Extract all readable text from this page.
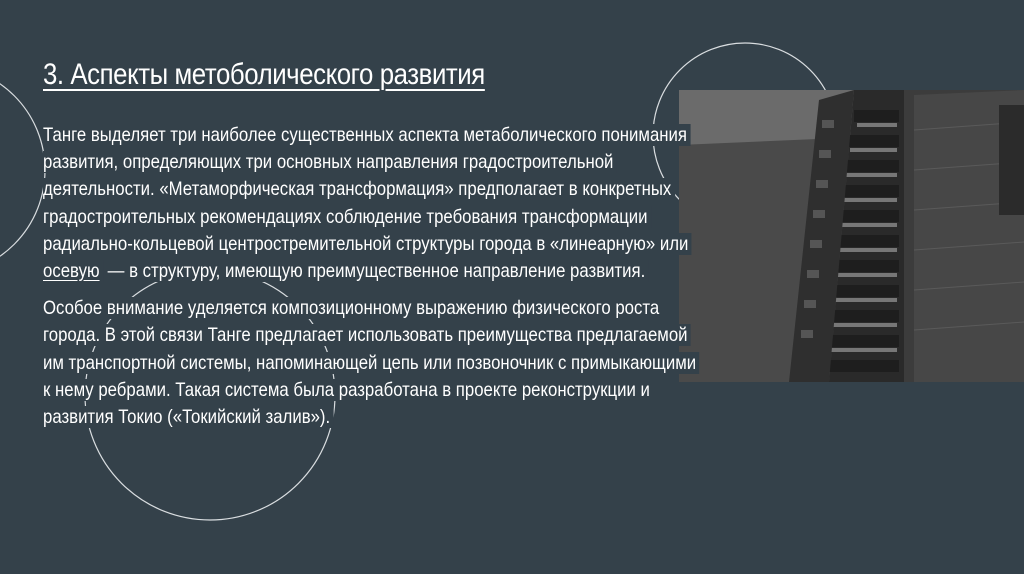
3. Аспекты метоболического развития

Танге выделяет три наиболее существенных аспекта метаболического понимания
развития, определяющих три основных направления градостроительной
деятельности. «Метаморфическая трансформация» предполагает в конкретных
градостроительных рекомендациях соблюдение требования трансформации
радиально-кольцевой центростремительной структуры города в «линеарную» или
осевую — в структуру, имеющую преимущественное направление развития.

Особое внимание уделяется композиционному выражению физического роста
города. В этой связи Танге предлагает использовать преимущества предлагаемой
им транспортной системы, напоминающей цепь или позвоночник с примыкающими
к нему ребрами. Такая система была разработана в проекте реконструкции и
развития Токио («Токийский залив»).
